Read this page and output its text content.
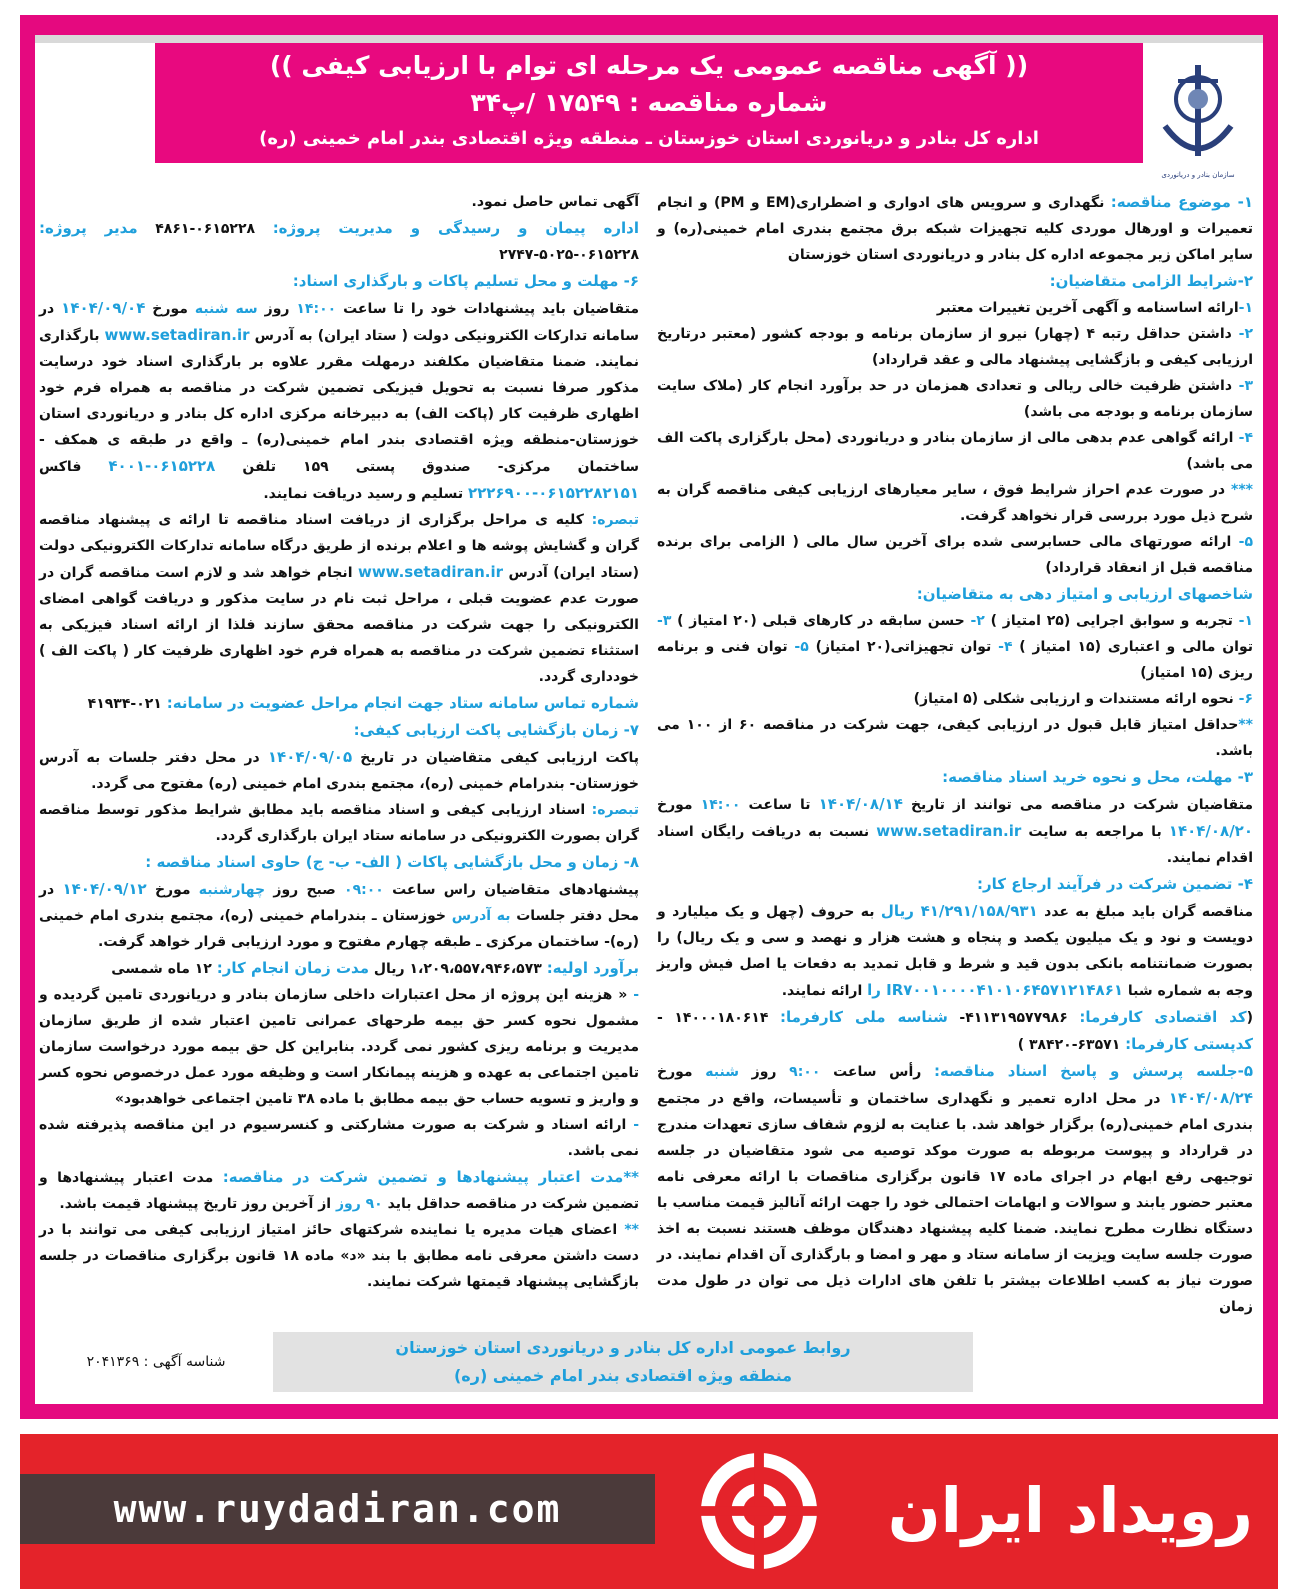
سازمان بنادر و دریانوردی
(( آگهی مناقصه عمومی یک مرحله ای توام با ارزیابی کیفی ))
شماره مناقصه : ۱۷۵۴۹ /پ۳۴
اداره کل بنادر و دریانوردی استان خوزستان ـ منطقه ویژه اقتصادی بندر امام خمینی (ره)

۱- موضوع مناقصه: نگهداری و سرویس های ادواری و اضطراری(EM و PM) و انجام تعمیرات و اورهال موردی کلیه تجهیزات شبکه برق مجتمع بندری امام خمینی(ره) و سایر اماکن زیر مجموعه اداره کل بنادر و دریانوردی استان خوزستان

۲-شرایط الزامی متقاضیان:

۱-ارائه اساسنامه و آگهی آخرین تغییرات معتبر

۲- داشتن حداقل رتبه ۴ (چهار) نیرو از سازمان برنامه و بودجه کشور (معتبر درتاریخ ارزیابی کیفی و بازگشایی پیشنهاد مالی و عقد قرارداد)

۳- داشتن ظرفیت خالی ریالی و تعدادی همزمان در حد برآورد انجام کار (ملاک سایت سازمان برنامه و بودجه می باشد)

۴- ارائه گواهی عدم بدهی مالی از سازمان بنادر و دریانوردی (محل بارگزاری پاکت الف می باشد)

*** در صورت عدم احراز شرایط فوق ، سایر معیارهای ارزیابی کیفی مناقصه گران به شرح ذیل مورد بررسی قرار نخواهد گرفت.

۵- ارائه صورتهای مالی حسابرسی شده برای آخرین سال مالی ( الزامی برای برنده مناقصه قبل از انعقاد قرارداد)

شاخصهای ارزیابی و امتیاز دهی به متقاضیان:

۱- تجربه و سوابق اجرایی (۲۵ امتیاز ) ۲- حسن سابقه در کارهای قبلی (۲۰ امتیاز ) ۳- توان مالی و اعتباری (۱۵ امتیاز ) ۴- توان تجهیزاتی(۲۰ امتیاز) ۵- توان فنی و برنامه ریزی (۱۵ امتیاز)

۶- نحوه ارائه مستندات و ارزیابی شکلی (۵ امتیاز)

**حداقل امتیاز قابل قبول در ارزیابی کیفی، جهت شرکت در مناقصه ۶۰ از ۱۰۰ می باشد.

۳- مهلت، محل و نحوه خرید اسناد مناقصه:

متقاضیان شرکت در مناقصه می توانند از تاریخ ۱۴۰۴/۰۸/۱۴ تا ساعت ۱۴:۰۰ مورخ ۱۴۰۴/۰۸/۲۰ با مراجعه به سایت www.setadiran.ir نسبت به دریافت رایگان اسناد اقدام نمایند.

۴- تضمین شرکت در فرآیند ارجاع کار:

مناقصه گران باید مبلغ به عدد ۴۱/۲۹۱/۱۵۸/۹۳۱ ریال به حروف (چهل و یک میلیارد و دویست و نود و یک میلیون یکصد و پنجاه و هشت هزار و نهصد و سی و یک ریال) را بصورت ضمانتنامه بانکی بدون قید و شرط و قابل تمدید به دفعات یا اصل فیش واریز وجه به شماره شبا IR۷۰۰۱۰۰۰۰۴۱۰۱۰۶۴۵۷۱۲۱۴۸۶۱ را ارائه نمایند.

(کد اقتصادی کارفرما: ۴۱۱۳۱۹۵۷۷۹۸۶- شناسه ملی کارفرما: ۱۴۰۰۰۱۸۰۶۱۴ - کدپستی کارفرما: ۶۳۵۷۱-۳۸۴۲۰ )

۵-جلسه پرسش و پاسخ اسناد مناقصه: رأس ساعت ۹:۰۰ روز شنبه مورخ ۱۴۰۴/۰۸/۲۴ در محل اداره تعمیر و نگهداری ساختمان و تأسیسات، واقع در مجتمع بندری امام خمینی(ره) برگزار خواهد شد. با عنایت به لزوم شفاف سازی تعهدات مندرج در قرارداد و پیوست مربوطه به صورت موکد توصیه می شود متقاضیان در جلسه توجیهی رفع ابهام در اجرای ماده ۱۷ قانون برگزاری مناقصات با ارائه معرفی نامه معتبر حضور یابند و سوالات و ابهامات احتمالی خود را جهت ارائه آنالیز قیمت مناسب با دستگاه نظارت مطرح نمایند. ضمنا کلیه پیشنهاد دهندگان موظف هستند نسبت به اخذ صورت جلسه سایت ویزیت از سامانه ستاد و مهر و امضا و بارگذاری آن اقدام نمایند. در صورت نیاز به کسب اطلاعات بیشتر با تلفن های ادارات ذیل می توان در طول مدت زمان

آگهی تماس حاصل نمود.

اداره پیمان و رسیدگی و مدیریت پروژه: ۰۶۱۵۲۲۸-۴۸۶۱ مدیر پروژه: ۰۶۱۵۲۲۸-۵۰۲۵-۲۷۴۷

۶- مهلت و محل تسلیم پاکات و بارگذاری اسناد:

متقاضیان باید پیشنهادات خود را تا ساعت ۱۴:۰۰ روز سه شنبه مورخ ۱۴۰۴/۰۹/۰۴ در سامانه تدارکات الکترونیکی دولت ( ستاد ایران) به آدرس www.setadiran.ir بارگذاری نمایند. ضمنا متقاضیان مکلفند درمهلت مقرر علاوه بر بارگذاری اسناد خود درسایت مذکور صرفا نسبت به تحویل فیزیکی تضمین شرکت در مناقصه به همراه فرم خود اظهاری ظرفیت کار (پاکت الف) به دبیرخانه مرکزی اداره کل بنادر و دریانوردی استان خوزستان-منطقه ویژه اقتصادی بندر امام خمینی(ره) ـ واقع در طبقه ی همکف - ساختمان مرکزی- صندوق پستی ۱۵۹ تلفن ۰۶۱۵۲۲۸-۴۰۰۱ فاکس ۰۶۱۵۲۲۸۲۱۵۱-۲۲۲۶۹۰۰ تسلیم و رسید دریافت نمایند.

تبصره: کلیه ی مراحل برگزاری از دریافت اسناد مناقصه تا ارائه ی پیشنهاد مناقصه گران و گشایش پوشه ها و اعلام برنده از طریق درگاه سامانه تدارکات الکترونیکی دولت (ستاد ایران) آدرس www.setadiran.ir انجام خواهد شد و لازم است مناقصه گران در صورت عدم عضویت قبلی ، مراحل ثبت نام در سایت مذکور و دریافت گواهی امضای الکترونیکی را جهت شرکت در مناقصه محقق سازند فلذا از ارائه اسناد فیزیکی به استثناء تضمین شرکت در مناقصه به همراه فرم خود اظهاری ظرفیت کار ( پاکت الف ) خودداری گردد.

شماره تماس سامانه ستاد جهت انجام مراحل عضویت در سامانه: ۰۲۱-۴۱۹۳۴

۷- زمان بازگشایی پاکت ارزیابی کیفی:

پاکت ارزیابی کیفی متقاضیان در تاریخ ۱۴۰۴/۰۹/۰۵ در محل دفتر جلسات به آدرس خوزستان- بندرامام خمینی (ره)، مجتمع بندری امام خمینی (ره) مفتوح می گردد.

تبصره: اسناد ارزیابی کیفی و اسناد مناقصه باید مطابق شرایط مذکور توسط مناقصه گران بصورت الکترونیکی در سامانه ستاد ایران بارگذاری گردد.

۸- زمان و محل بازگشایی پاکات ( الف- ب- ج) حاوی اسناد مناقصه :

پیشنهادهای متقاضیان راس ساعت ۰۹:۰۰ صبح روز چهارشنبه مورخ ۱۴۰۴/۰۹/۱۲ در محل دفتر جلسات به آدرس خوزستان ـ بندرامام خمینی (ره)، مجتمع بندری امام خمینی (ره)- ساختمان مرکزی ـ طبقه چهارم مفتوح و مورد ارزیابی قرار خواهد گرفت.

برآورد اولیه: ۱،۲۰۹،۵۵۷،۹۴۶،۵۷۳ ریال مدت زمان انجام کار: ۱۲ ماه شمسی

- « هزینه این پروژه از محل اعتبارات داخلی سازمان بنادر و دریانوردی تامین گردیده و مشمول نحوه کسر حق بیمه طرحهای عمرانی تامین اعتبار شده از طریق سازمان مدیریت و برنامه ریزی کشور نمی گردد. بنابراین کل حق بیمه مورد درخواست سازمان تامین اجتماعی به عهده و هزینه پیمانکار است و وظیفه مورد عمل درخصوص نحوه کسر و واریز و تسویه حساب حق بیمه مطابق با ماده ۳۸ تامین اجتماعی خواهدبود»

- ارائه اسناد و شرکت به صورت مشارکتی و کنسرسیوم در این مناقصه پذیرفته شده نمی باشد.

**مدت اعتبار پیشنهادها و تضمین شرکت در مناقصه: مدت اعتبار پیشنهادها و تضمین شرکت در مناقصه حداقل باید ۹۰ روز از آخرین روز تاریخ پیشنهاد قیمت باشد.

** اعضای هیات مدیره یا نماینده شرکتهای حائز امتیاز ارزیابی کیفی می توانند با در دست داشتن معرفی نامه مطابق با بند «د» ماده ۱۸ قانون برگزاری مناقصات در جلسه بازگشایی پیشنهاد قیمتها شرکت نمایند.

روابط عمومی اداره کل بنادر و دریانوردی استان خوزستان
منطقه ویژه اقتصادی بندر امام خمینی (ره)
شناسه آگهی : ۲۰۴۱۳۶۹
www.ruydadiran.com	رویداد ایران
